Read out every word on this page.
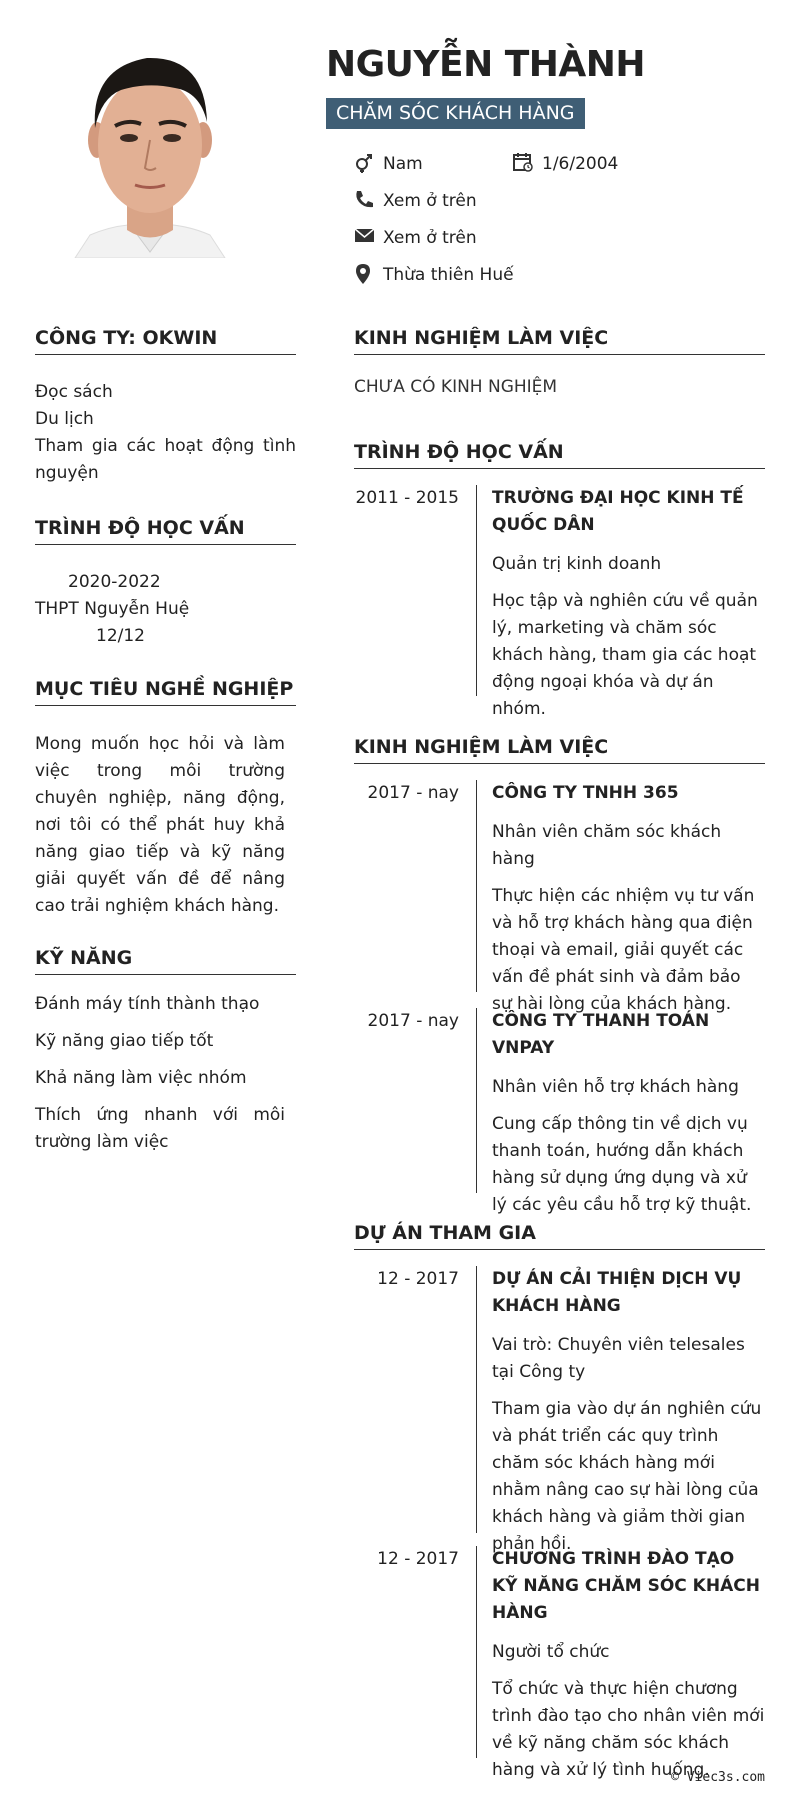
NGUYỄN THÀNH
CHĂM SÓC KHÁCH HÀNG
Nam	1/6/2004
Xem ở trên
Xem ở trên
Thừa thiên Huế
CÔNG TY: OKWIN
Đọc sách
Du lịch
Tham gia các hoạt động tình nguyện
TRÌNH ĐỘ HỌC VẤN
2020-2022
THPT Nguyễn Huệ
12/12
MỤC TIÊU NGHỀ NGHIỆP
Mong muốn học hỏi và làm việc trong môi trường chuyên nghiệp, năng động, nơi tôi có thể phát huy khả năng giao tiếp và kỹ năng giải quyết vấn đề để nâng cao trải nghiệm khách hàng.
KỸ NĂNG
Đánh máy tính thành thạo
Kỹ năng giao tiếp tốt
Khả năng làm việc nhóm
Thích ứng nhanh với môi trường làm việc
KINH NGHIỆM LÀM VIỆC
CHƯA CÓ KINH NGHIỆM
TRÌNH ĐỘ HỌC VẤN
2011 - 2015 TRƯỜNG ĐẠI HỌC KINH TẾ QUỐC DÂN
Quản trị kinh doanh
Học tập và nghiên cứu về quản lý, marketing và chăm sóc khách hàng, tham gia các hoạt động ngoại khóa và dự án nhóm.
KINH NGHIỆM LÀM VIỆC
2017 - nay CÔNG TY TNHH 365
Nhân viên chăm sóc khách hàng
Thực hiện các nhiệm vụ tư vấn và hỗ trợ khách hàng qua điện thoại và email, giải quyết các vấn đề phát sinh và đảm bảo sự hài lòng của khách hàng.
2017 - nay CÔNG TY THANH TOÁN VNPAY
Nhân viên hỗ trợ khách hàng
Cung cấp thông tin về dịch vụ thanh toán, hướng dẫn khách hàng sử dụng ứng dụng và xử lý các yêu cầu hỗ trợ kỹ thuật.
DỰ ÁN THAM GIA
12 - 2017 DỰ ÁN CẢI THIỆN DỊCH VỤ KHÁCH HÀNG
Vai trò: Chuyên viên telesales tại Công ty
Tham gia vào dự án nghiên cứu và phát triển các quy trình chăm sóc khách hàng mới nhằm nâng cao sự hài lòng của khách hàng và giảm thời gian phản hồi.
12 - 2017 CHƯƠNG TRÌNH ĐÀO TẠO KỸ NĂNG CHĂM SÓC KHÁCH HÀNG
Người tổ chức
Tổ chức và thực hiện chương trình đào tạo cho nhân viên mới về kỹ năng chăm sóc khách hàng và xử lý tình huống.
© Viec3s.com
